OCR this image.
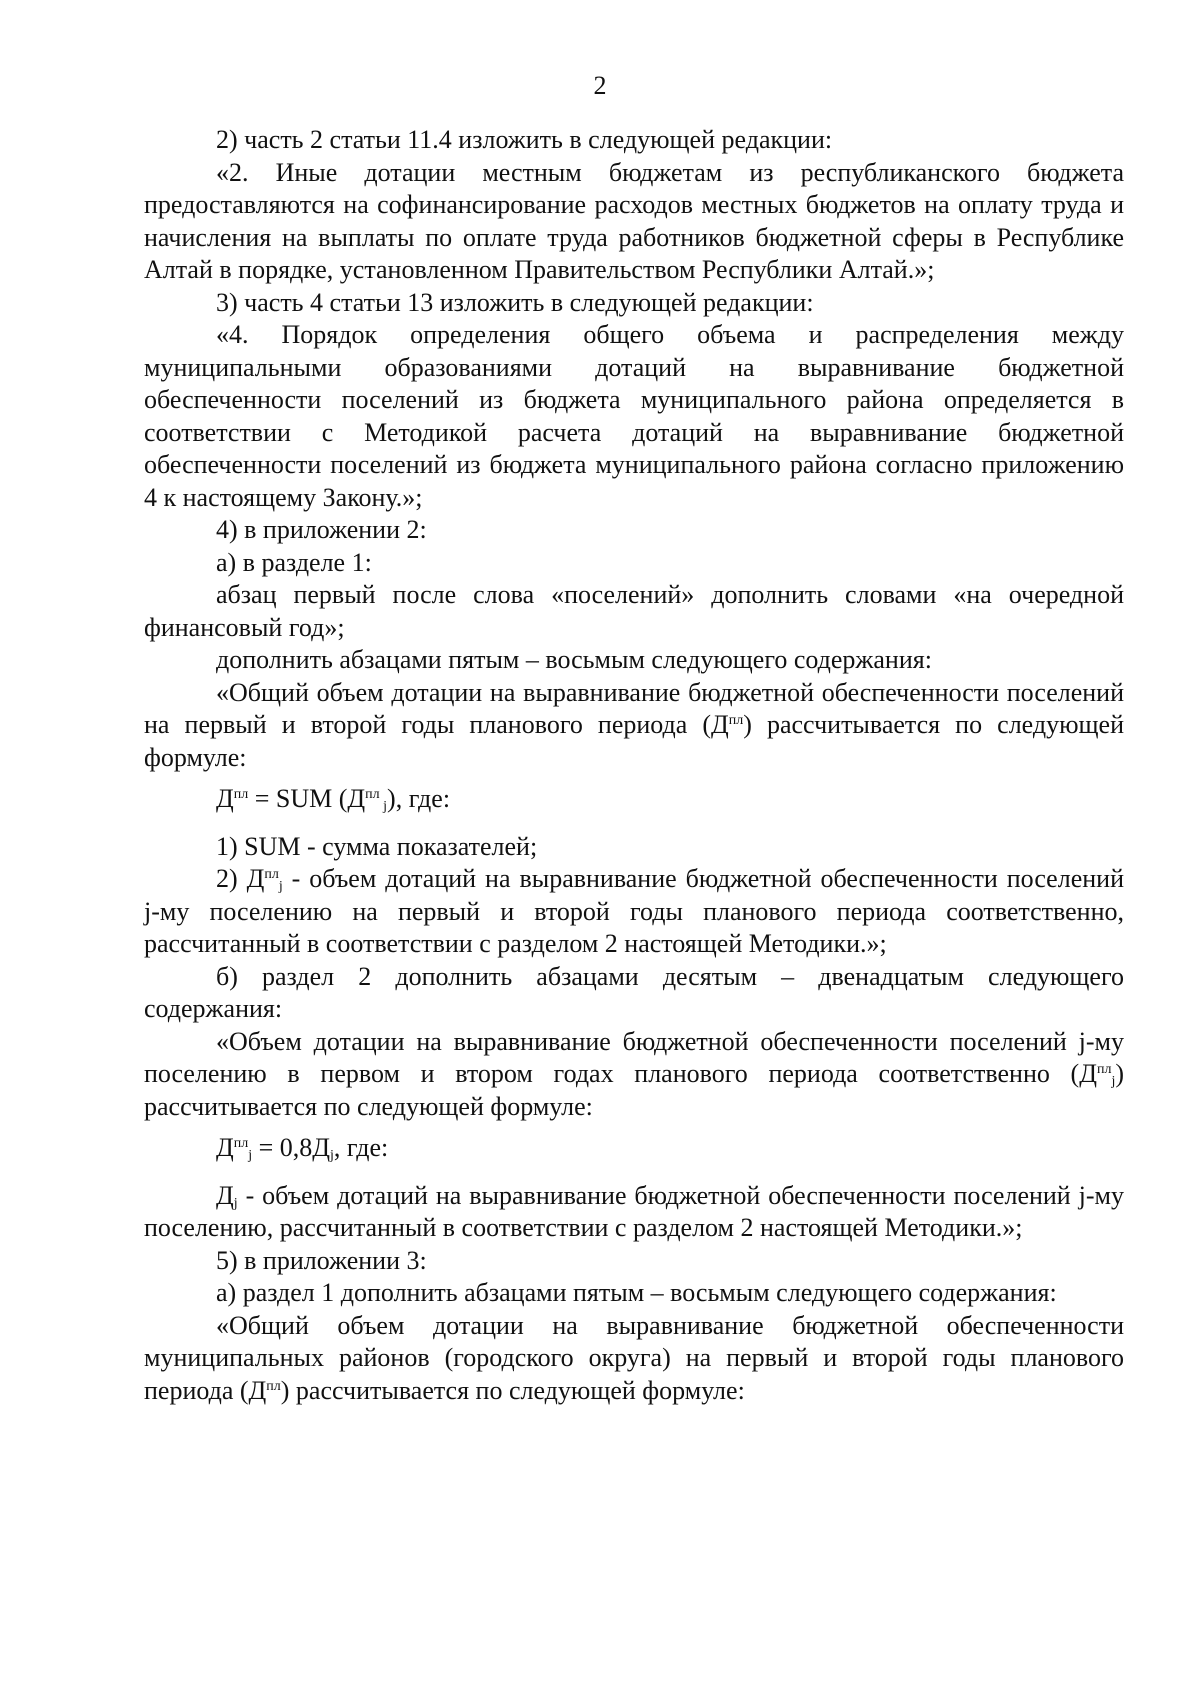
2

2) часть 2 статьи 11.4 изложить в следующей редакции:

«2. Иные дотации местным бюджетам из республиканского бюджета предоставляются на софинансирование расходов местных бюджетов на оплату труда и начисления на выплаты по оплате труда работников бюджетной сферы в Республике Алтай в порядке, установленном Правительством Республики Алтай.»;

3) часть 4 статьи 13 изложить в следующей редакции:

«4. Порядок определения общего объема и распределения между муниципальными образованиями дотаций на выравнивание бюджетной обеспеченности поселений из бюджета муниципального района определяется в соответствии с Методикой расчета дотаций на выравнивание бюджетной обеспеченности поселений из бюджета муниципального района согласно приложению 4 к настоящему Закону.»;

4) в приложении 2:

а) в разделе 1:

абзац первый после слова «поселений» дополнить словами «на очередной финансовый год»;

дополнить абзацами пятым – восьмым следующего содержания:

«Общий объем дотации на выравнивание бюджетной обеспеченности поселений на первый и второй годы планового периода $(Д^{пл})$ рассчитывается по следующей формуле:

$Д^{пл}$ = SUM ($Д^{пл}$ $_j$), где:

1) SUM - сумма показателей;

2) $Д^{пл}_j$ - объем дотаций на выравнивание бюджетной обеспеченности поселений j-му поселению на первый и второй годы планового периода соответственно, рассчитанный в соответствии с разделом 2 настоящей Методики.»;

б) раздел 2 дополнить абзацами десятым – двенадцатым следующего содержания:

«Объем дотации на выравнивание бюджетной обеспеченности поселений j-му поселению в первом и втором годах планового периода соответственно $(Д^{пл}_j)$ рассчитывается по следующей формуле:

$Д^{пл}_j = 0,8Д_j$, где:

$Д_j$ - объем дотаций на выравнивание бюджетной обеспеченности поселений j-му поселению, рассчитанный в соответствии с разделом 2 настоящей Методики.»;

5) в приложении 3:

а) раздел 1 дополнить абзацами пятым – восьмым следующего содержания:

«Общий объем дотации на выравнивание бюджетной обеспеченности муниципальных районов (городского округа) на первый и второй годы планового периода $(Д^{пл})$ рассчитывается по следующей формуле:
